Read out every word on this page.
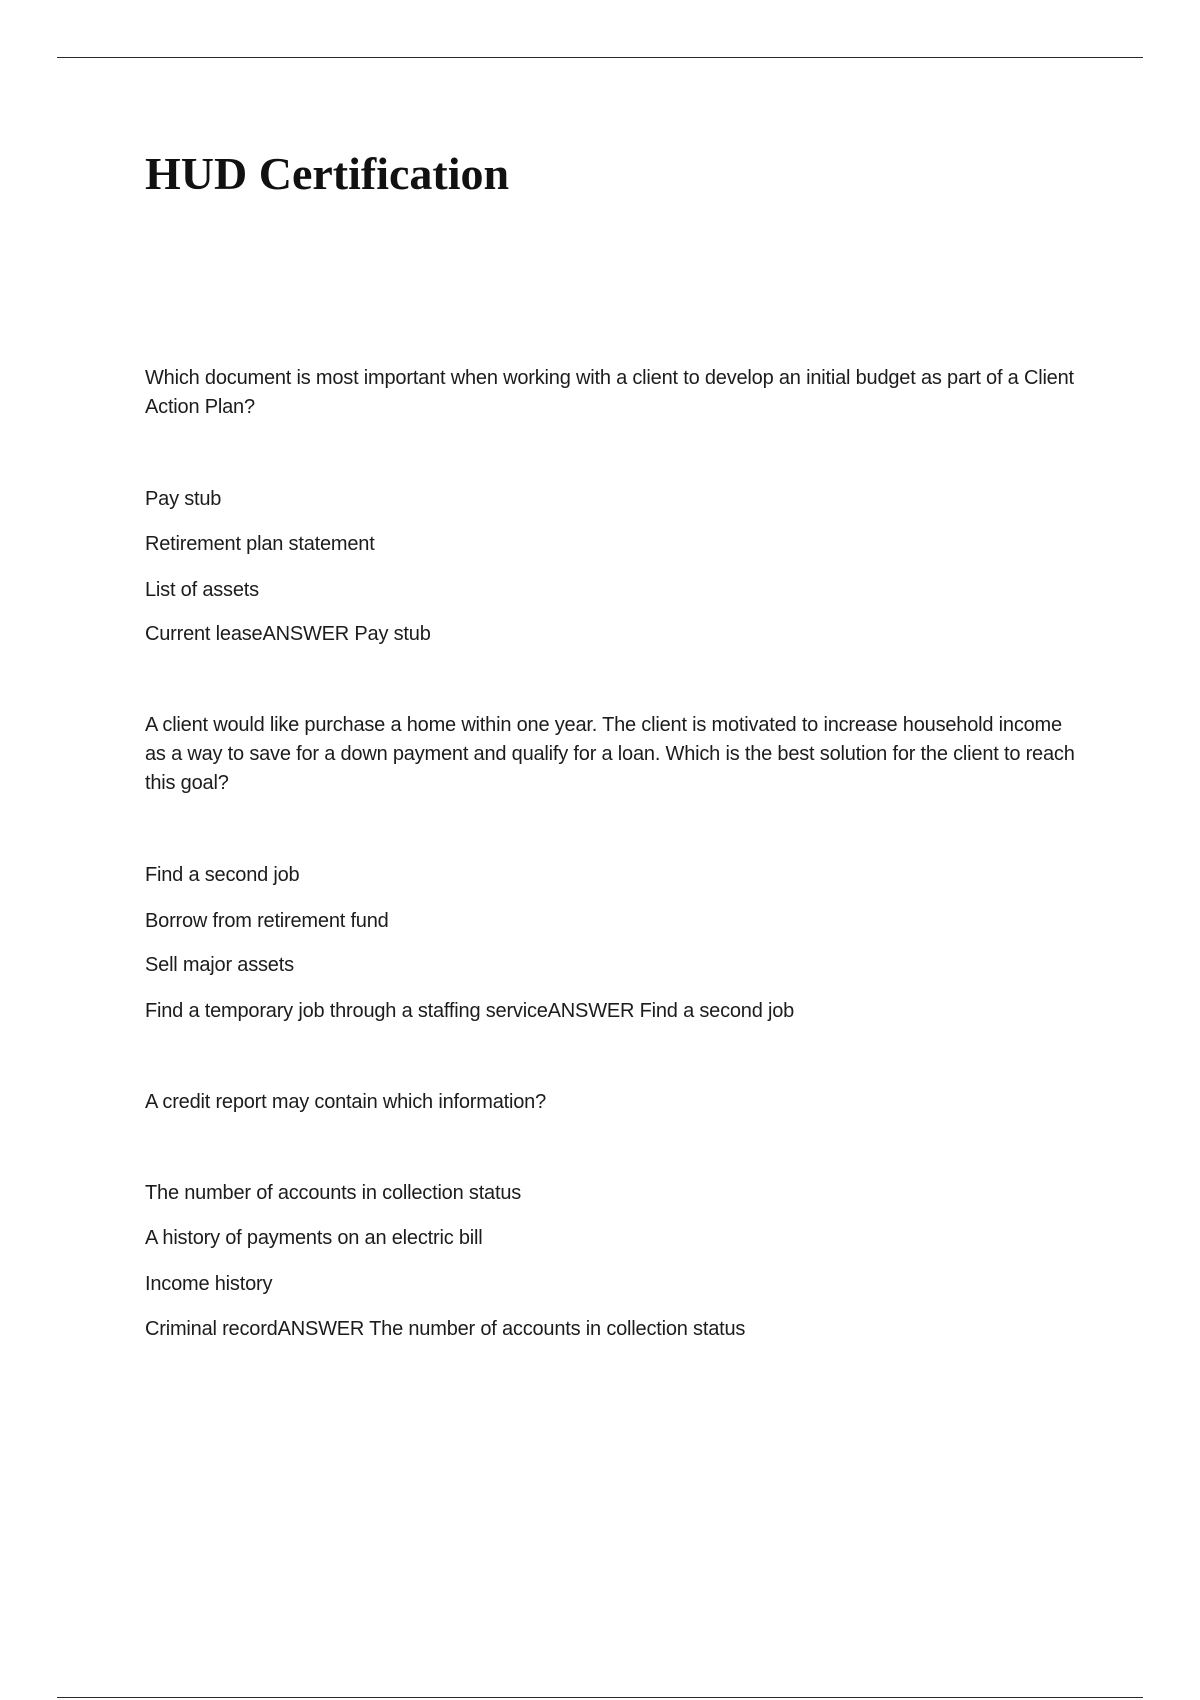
HUD Certification

Which document is most important when working with a client to develop an initial budget as part of a Client Action Plan?

Pay stub

Retirement plan statement

List of assets

Current leaseANSWER Pay stub

A client would like purchase a home within one year. The client is motivated to increase household income as a way to save for a down payment and qualify for a loan. Which is the best solution for the client to reach this goal?

Find a second job

Borrow from retirement fund

Sell major assets

Find a temporary job through a staffing serviceANSWER Find a second job

A credit report may contain which information?

The number of accounts in collection status

A history of payments on an electric bill

Income history

Criminal recordANSWER The number of accounts in collection status
